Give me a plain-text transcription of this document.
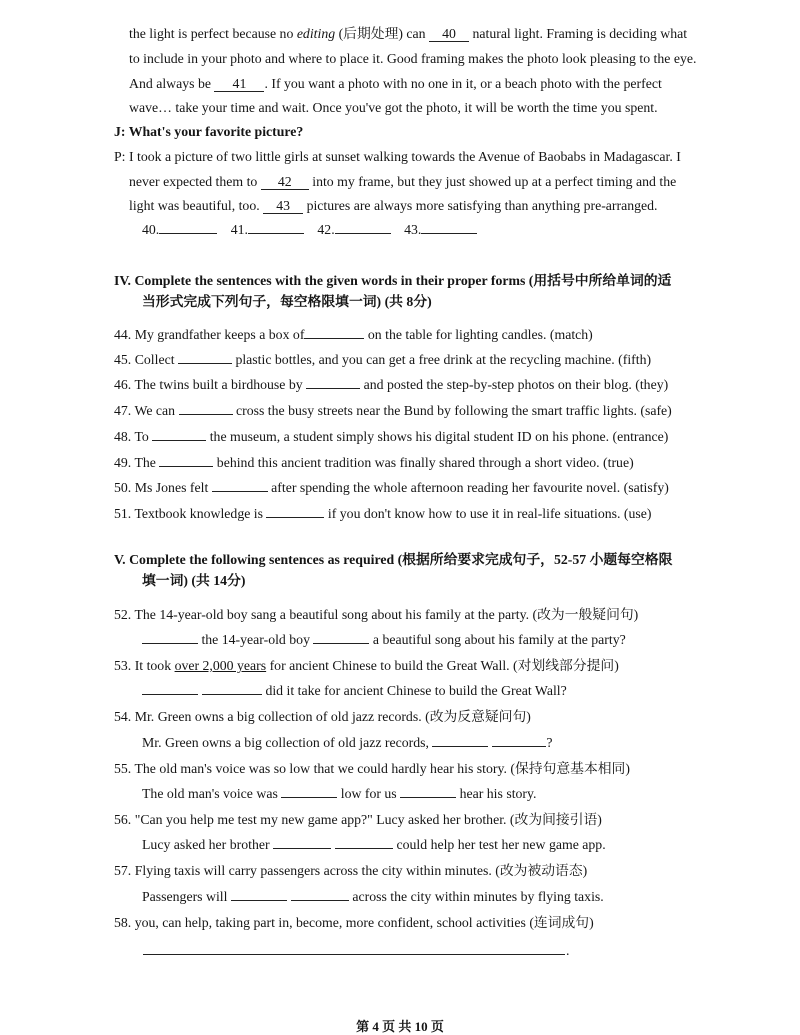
the light is perfect because no editing (后期处理) can 40 natural light. Framing is deciding what
to include in your photo and where to place it. Good framing makes the photo look pleasing to the eye.
And always be 41 . If you want a photo with no one in it, or a beach photo with the perfect
wave… take your time and wait. Once you've got the photo, it will be worth the time you spent.
J: What's your favorite picture?
P: I took a picture of two little girls at sunset walking towards the Avenue of Baobabs in Madagascar. I
never expected them to 42 into my frame, but they just showed up at a perfect timing and the
light was beautiful, too. 43 pictures are always more satisfying than anything pre-arranged.
40.	41.	42.	43.
IV. Complete the sentences with the given words in their proper forms (用括号中所给单词的适
当形式完成下列句子，每空格限填一词) (共 8分)
44. My grandfather keeps a box of	on the table for lighting candles. (match)
45. Collect	plastic bottles, and you can get a free drink at the recycling machine. (fifth)
46. The twins built a birdhouse by	and posted the step-by-step photos on their blog. (they)
47. We can	cross the busy streets near the Bund by following the smart traffic lights. (safe)
48. To	the museum, a student simply shows his digital student ID on his phone. (entrance)
49. The	behind this ancient tradition was finally shared through a short video. (true)
50. Ms Jones felt	after spending the whole afternoon reading her favourite novel. (satisfy)
51. Textbook knowledge is	if you don't know how to use it in real-life situations. (use)
V. Complete the following sentences as required (根据所给要求完成句子，52-57 小题每空格限
填一词) (共 14分)
52. The 14-year-old boy sang a beautiful song about his family at the party. (改为一般疑问句)
the 14-year-old boy	a beautiful song about his family at the party?
53. It took over 2,000 years for ancient Chinese to build the Great Wall. (对划线部分提问)
did it take for ancient Chinese to build the Great Wall?
54. Mr. Green owns a big collection of old jazz records. (改为反意疑问句)
Mr. Green owns a big collection of old jazz records,	?
55. The old man's voice was so low that we could hardly hear his story. (保持句意基本相同)
The old man's voice was	low for us	hear his story.
56. "Can you help me test my new game app?" Lucy asked her brother. (改为间接引语)
Lucy asked her brother	could help her test her new game app.
57. Flying taxis will carry passengers across the city within minutes. (改为被动语态)
Passengers will	across the city within minutes by flying taxis.
58. you, can help, taking part in, become, more confident, school activities (连词成句)
.
第 4 页 共 10 页
